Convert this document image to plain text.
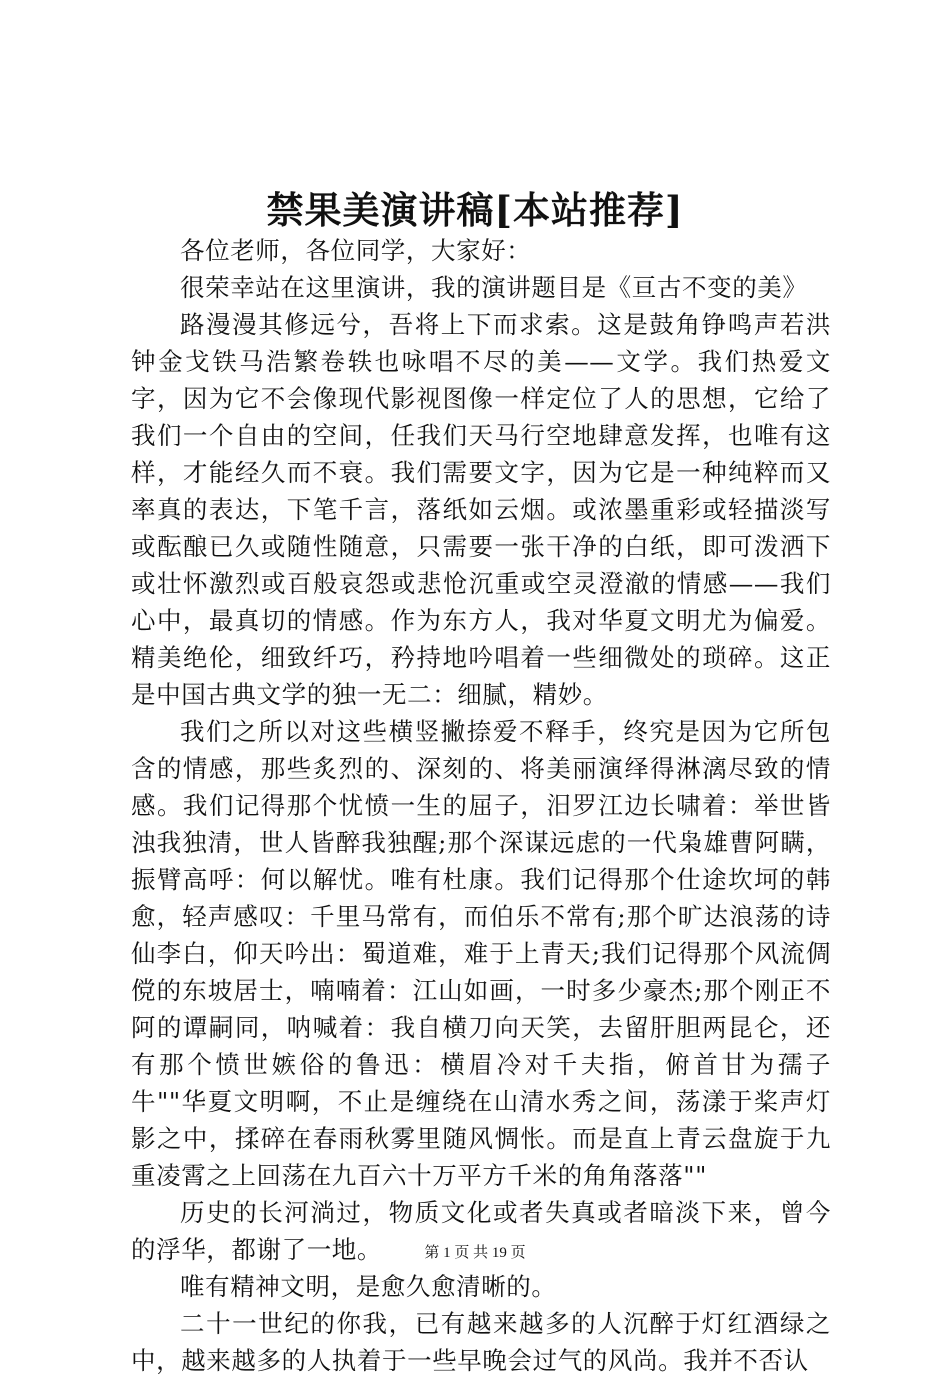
禁果美演讲稿[本站推荐]

各位老师，各位同学，大家好：

很荣幸站在这里演讲，我的演讲题目是《亘古不变的美》

路漫漫其修远兮，吾将上下而求索。这是鼓角铮鸣声若洪钟金戈铁马浩繁卷轶也咏唱不尽的美——文学。我们热爱文字，因为它不会像现代影视图像一样定位了人的思想，它给了我们一个自由的空间，任我们天马行空地肆意发挥，也唯有这样，才能经久而不衰。我们需要文字，因为它是一种纯粹而又率真的表达，下笔千言，落纸如云烟。或浓墨重彩或轻描淡写或酝酿已久或随性随意，只需要一张干净的白纸，即可泼洒下或壮怀激烈或百般哀怨或悲怆沉重或空灵澄澈的情感——我们心中，最真切的情感。作为东方人，我对华夏文明尤为偏爱。精美绝伦，细致纤巧，矜持地吟唱着一些细微处的琐碎。这正是中国古典文学的独一无二：细腻，精妙。

我们之所以对这些横竖撇捺爱不释手，终究是因为它所包含的情感，那些炙烈的、深刻的、将美丽演绎得淋漓尽致的情感。我们记得那个忧愤一生的屈子，汨罗江边长啸着：举世皆浊我独清，世人皆醉我独醒;那个深谋远虑的一代枭雄曹阿瞒，振臂高呼：何以解忧。唯有杜康。我们记得那个仕途坎坷的韩愈，轻声感叹：千里马常有，而伯乐不常有;那个旷达浪荡的诗仙李白，仰天吟出：蜀道难，难于上青天;我们记得那个风流倜傥的东坡居士，喃喃着：江山如画，一时多少豪杰;那个刚正不阿的谭嗣同，呐喊着：我自横刀向天笑，去留肝胆两昆仑，还有那个愤世嫉俗的鲁迅：横眉冷对千夫指，俯首甘为孺子牛""华夏文明啊，不止是缠绕在山清水秀之间，荡漾于桨声灯影之中，揉碎在春雨秋雾里随风惆怅。而是直上青云盘旋于九重凌霄之上回荡在九百六十万平方千米的角角落落""

历史的长河淌过，物质文化或者失真或者暗淡下来，曾今的浮华，都谢了一地。

唯有精神文明，是愈久愈清晰的。

二十一世纪的你我，已有越来越多的人沉醉于灯红酒绿之中，越来越多的人执着于一些早晚会过气的风尚。我并不否认

第 1 页 共 19 页
